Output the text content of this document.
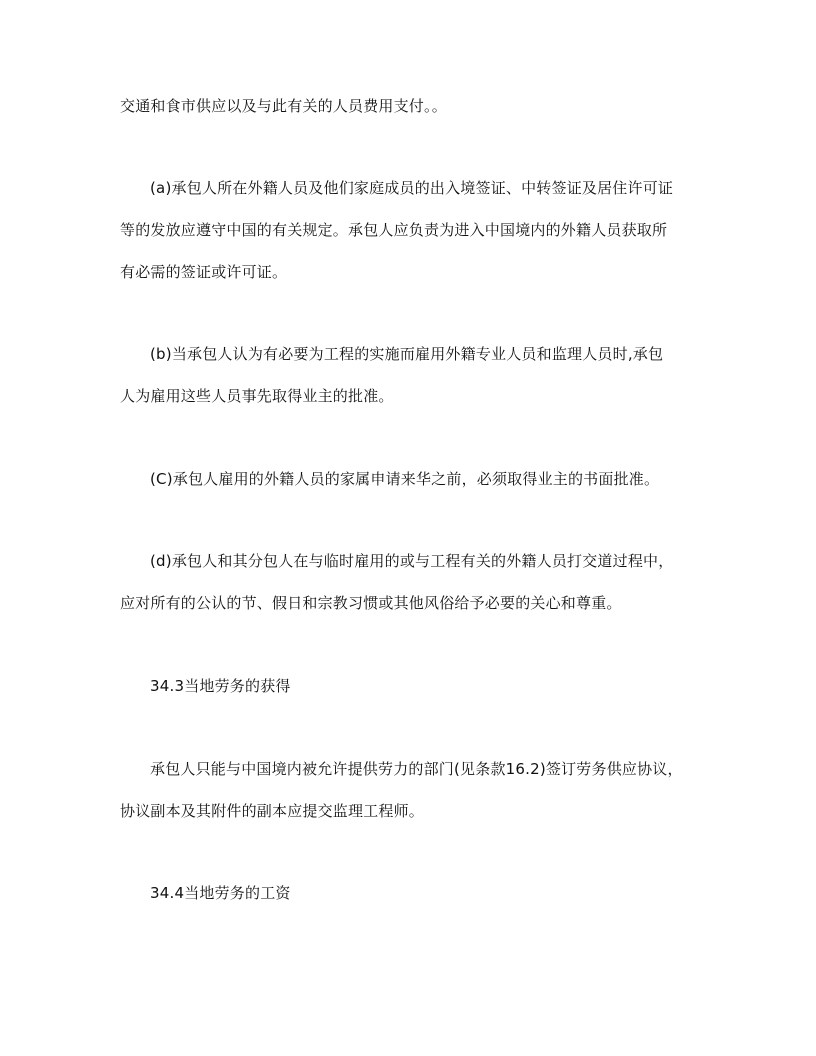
交通和食市供应以及与此有关的人员费用支付。。
(a)承包人所在外籍人员及他们家庭成员的出入境签证、中转签证及居住许可证
等的发放应遵守中国的有关规定。承包人应负责为进入中国境内的外籍人员获取所
有必需的签证或许可证。
(b)当承包人认为有必要为工程的实施而雇用外籍专业人员和监理人员时,承包
人为雇用这些人员事先取得业主的批准。
(C)承包人雇用的外籍人员的家属申请来华之前，必须取得业主的书面批准。
(d)承包人和其分包人在与临时雇用的或与工程有关的外籍人员打交道过程中，
应对所有的公认的节、假日和宗教习惯或其他风俗给予必要的关心和尊重。
34.3当地劳务的获得
承包人只能与中国境内被允许提供劳力的部门(见条款16.2)签订劳务供应协议，
协议副本及其附件的副本应提交监理工程师。
34.4当地劳务的工资
